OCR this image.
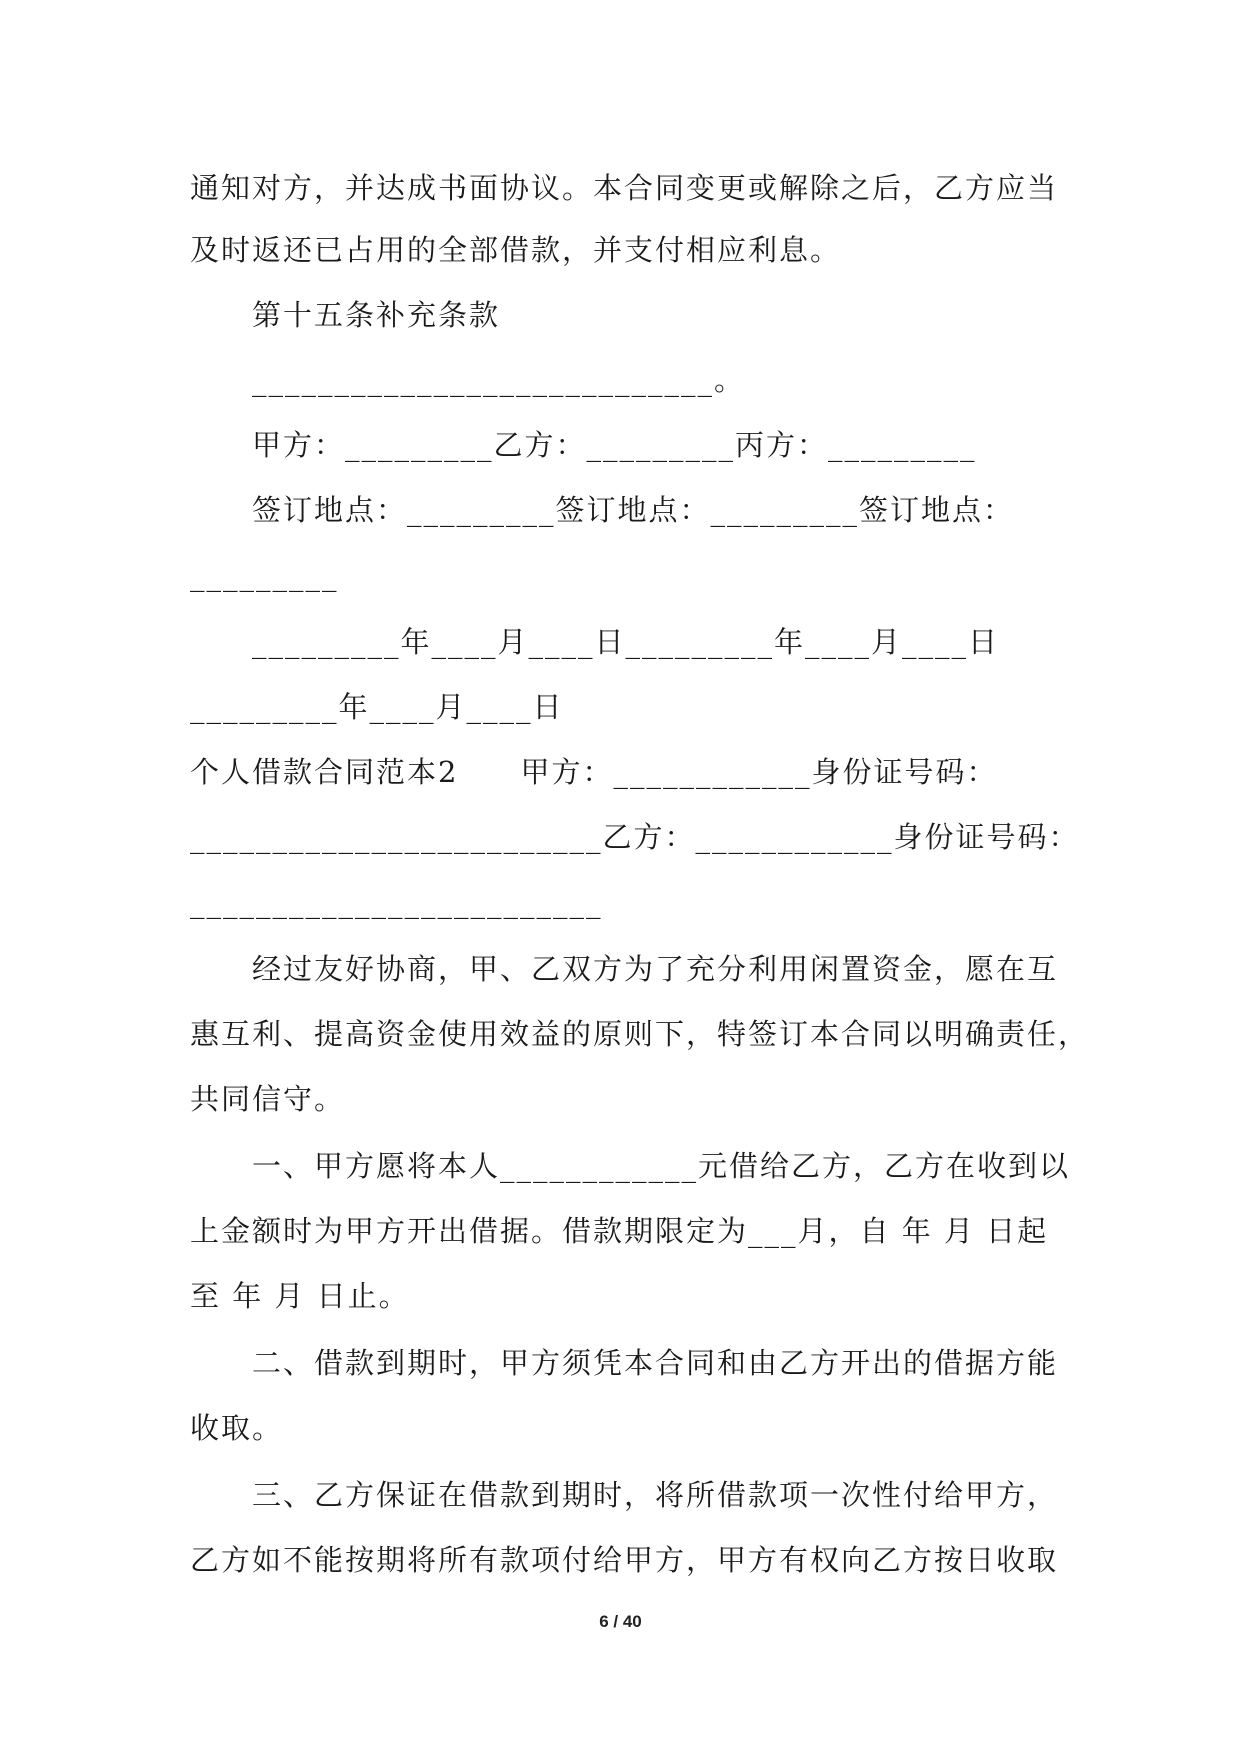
通知对方，并达成书面协议。本合同变更或解除之后，乙方应当
及时返还已占用的全部借款，并支付相应利息。
第十五条补充条款
____________________________。
甲方：_________乙方：_________丙方：_________
签订地点：_________签订地点：_________签订地点：
_________
_________年____月____日_________年____月____日
_________年____月____日
个人借款合同范本2　　甲方：____________身份证号码：
_________________________乙方：____________身份证号码：
_________________________
经过友好协商，甲、乙双方为了充分利用闲置资金，愿在互
惠互利、提高资金使用效益的原则下，特签订本合同以明确责任，
共同信守。
一、甲方愿将本人____________元借给乙方，乙方在收到以
上金额时为甲方开出借据。借款期限定为___月，自 年 月 日起
至 年 月 日止。
二、借款到期时，甲方须凭本合同和由乙方开出的借据方能
收取。
三、乙方保证在借款到期时，将所借款项一次性付给甲方，
乙方如不能按期将所有款项付给甲方，甲方有权向乙方按日收取
6 / 40
